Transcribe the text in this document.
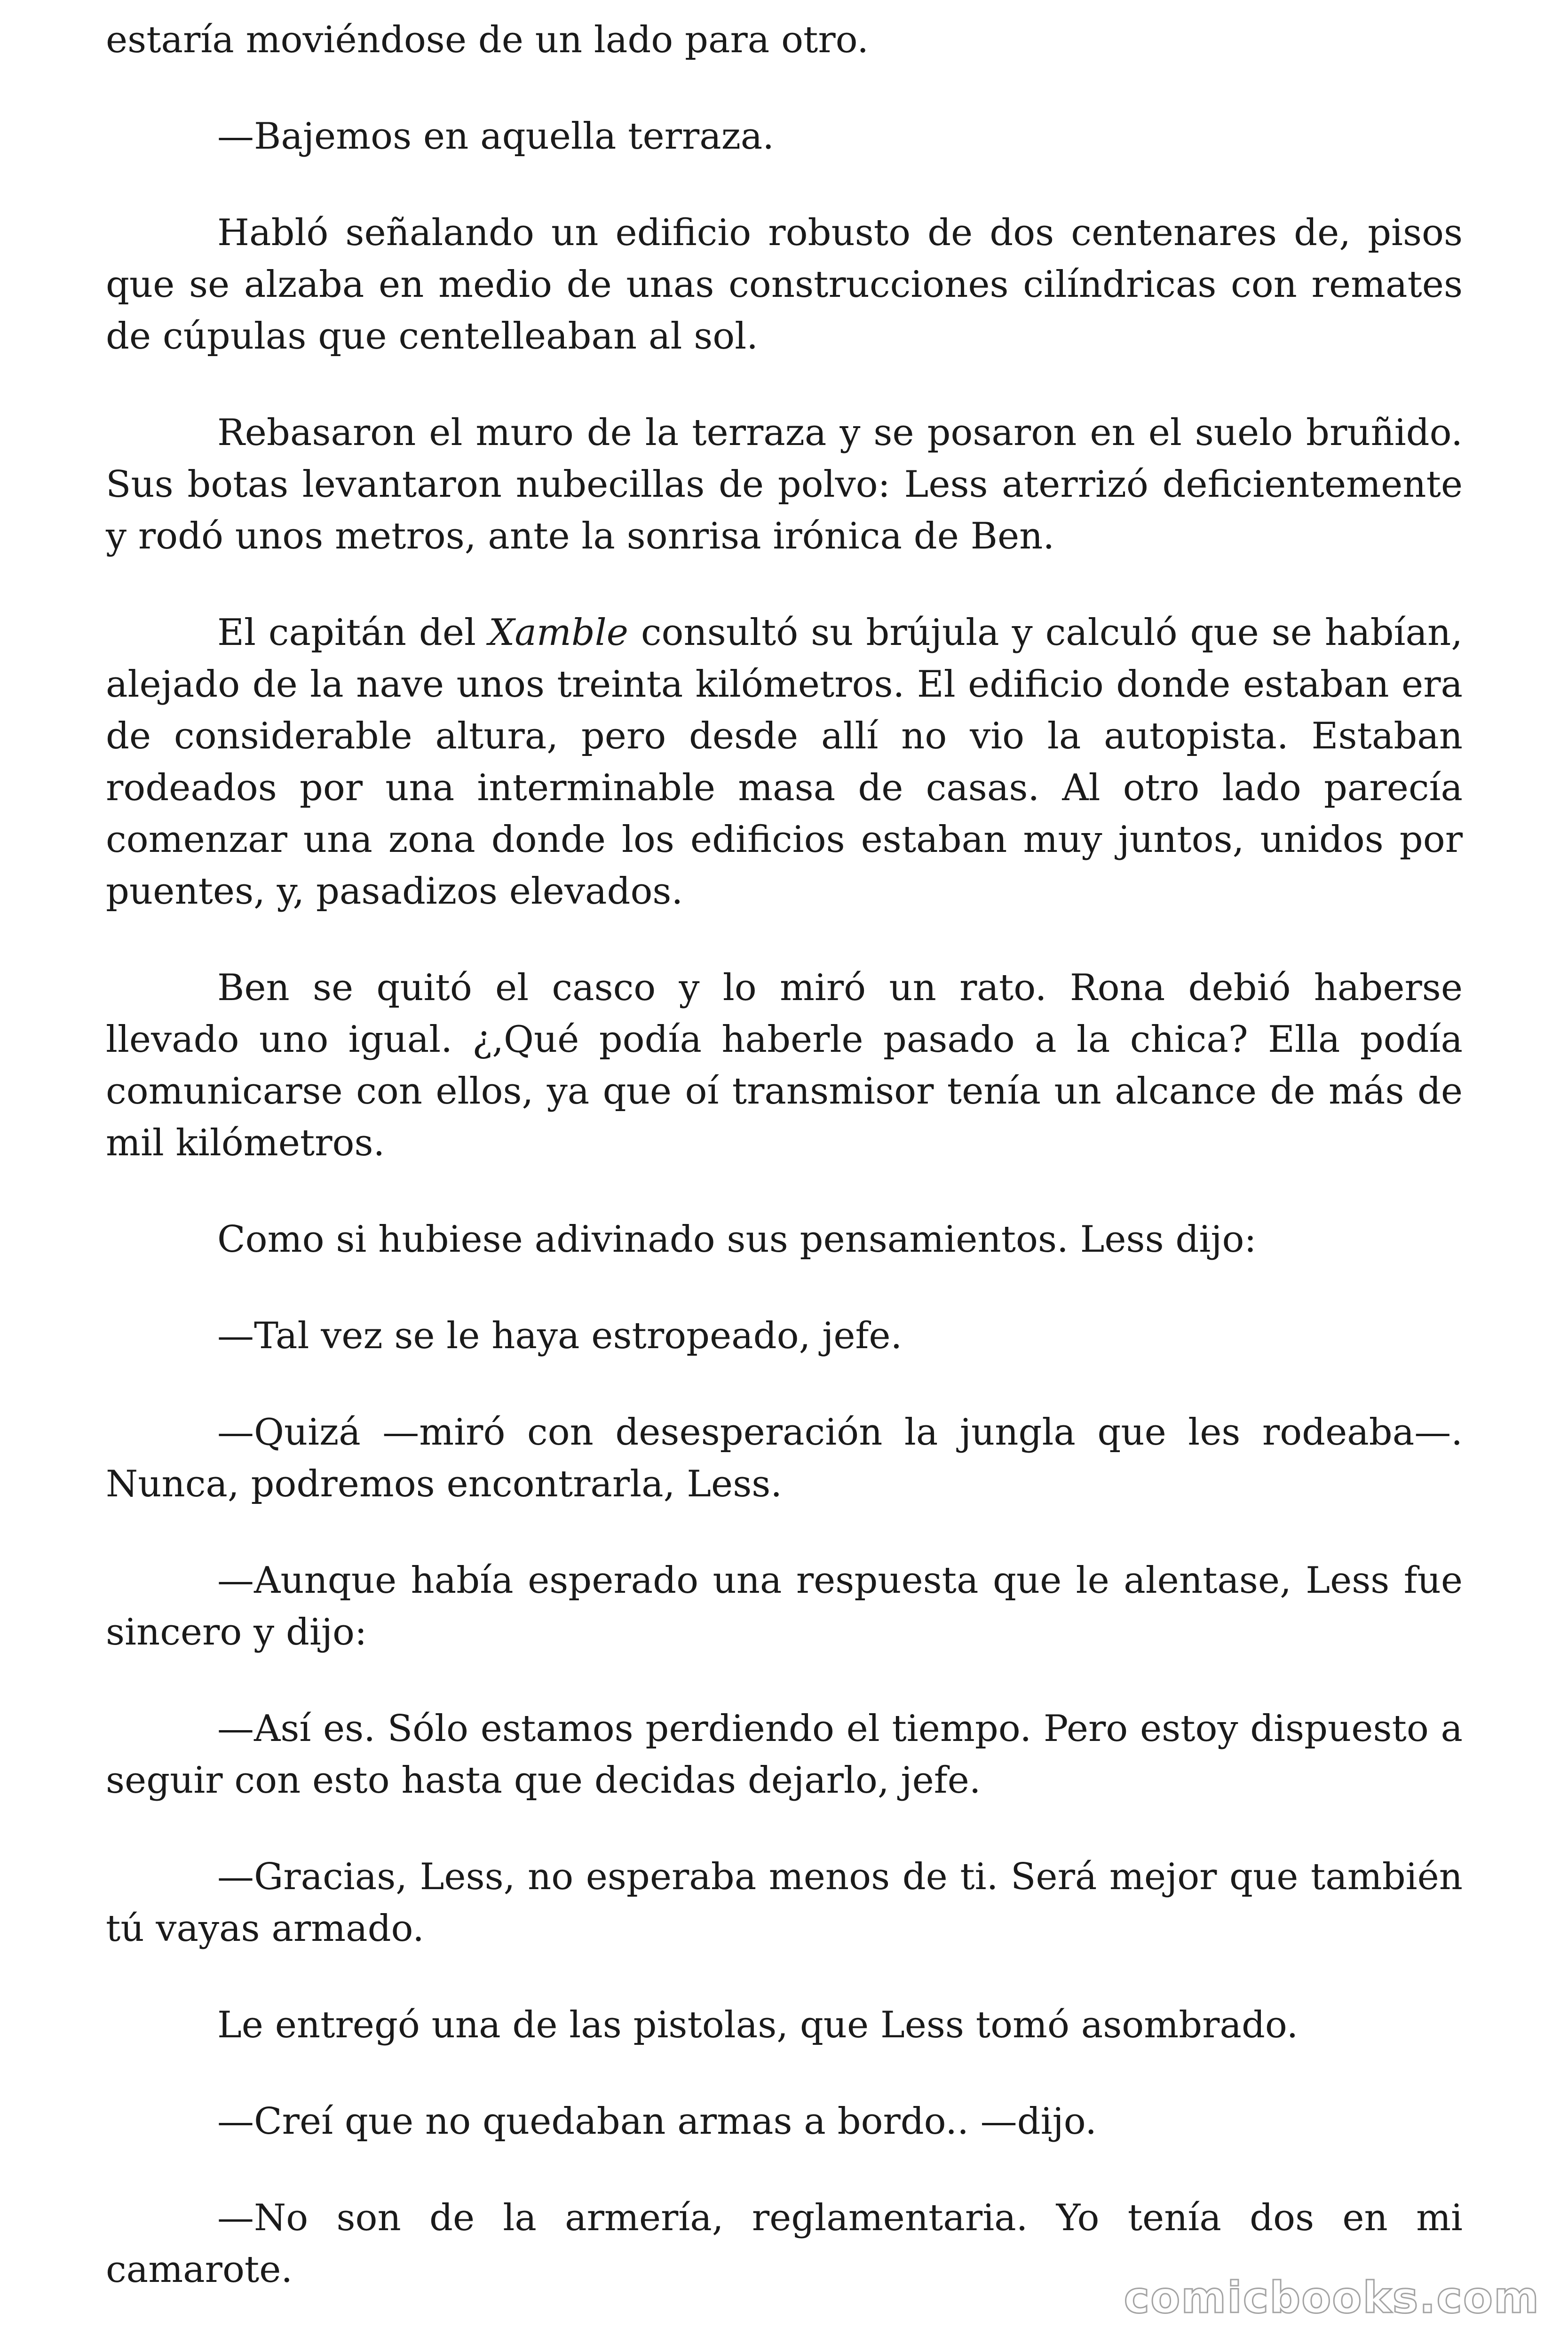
estaría moviéndose de un lado para otro.

—Bajemos en aquella terraza.

Habló señalando un edificio robusto de dos centenares de, pisos que se alzaba en medio de unas construcciones cilíndricas con remates de cúpulas que centelleaban al sol.

Rebasaron el muro de la terraza y se posaron en el suelo bruñido. Sus botas levantaron nubecillas de polvo: Less aterrizó deficientemente y rodó unos metros, ante la sonrisa irónica de Ben.

El capitán del Xamble consultó su brújula y calculó que se habían, alejado de la nave unos treinta kilómetros. El edificio donde estaban era de considerable altura, pero desde allí no vio la autopista. Estaban rodeados por una interminable masa de casas. Al otro lado parecía comenzar una zona donde los edificios estaban muy juntos, unidos por puentes, y, pasadizos elevados.

Ben se quitó el casco y lo miró un rato. Rona debió haberse llevado uno igual. ¿,Qué podía haberle pasado a la chica? Ella podía comunicarse con ellos, ya que oí transmisor tenía un alcance de más de mil kilómetros.

Como si hubiese adivinado sus pensamientos. Less dijo:

—Tal vez se le haya estropeado, jefe.

—Quizá —miró con desesperación la jungla que les rodeaba—. Nunca, podremos encontrarla, Less.

—Aunque había esperado una respuesta que le alentase, Less fue sincero y dijo:

—Así es. Sólo estamos perdiendo el tiempo. Pero estoy dispuesto a seguir con esto hasta que decidas dejarlo, jefe.

—Gracias, Less, no esperaba menos de ti. Será mejor que también tú vayas armado.

Le entregó una de las pistolas, que Less tomó asombrado.

—Creí que no quedaban armas a bordo.. —dijo.

—No son de la armería, reglamentaria. Yo tenía dos en mi camarote.

comicbooks.com
